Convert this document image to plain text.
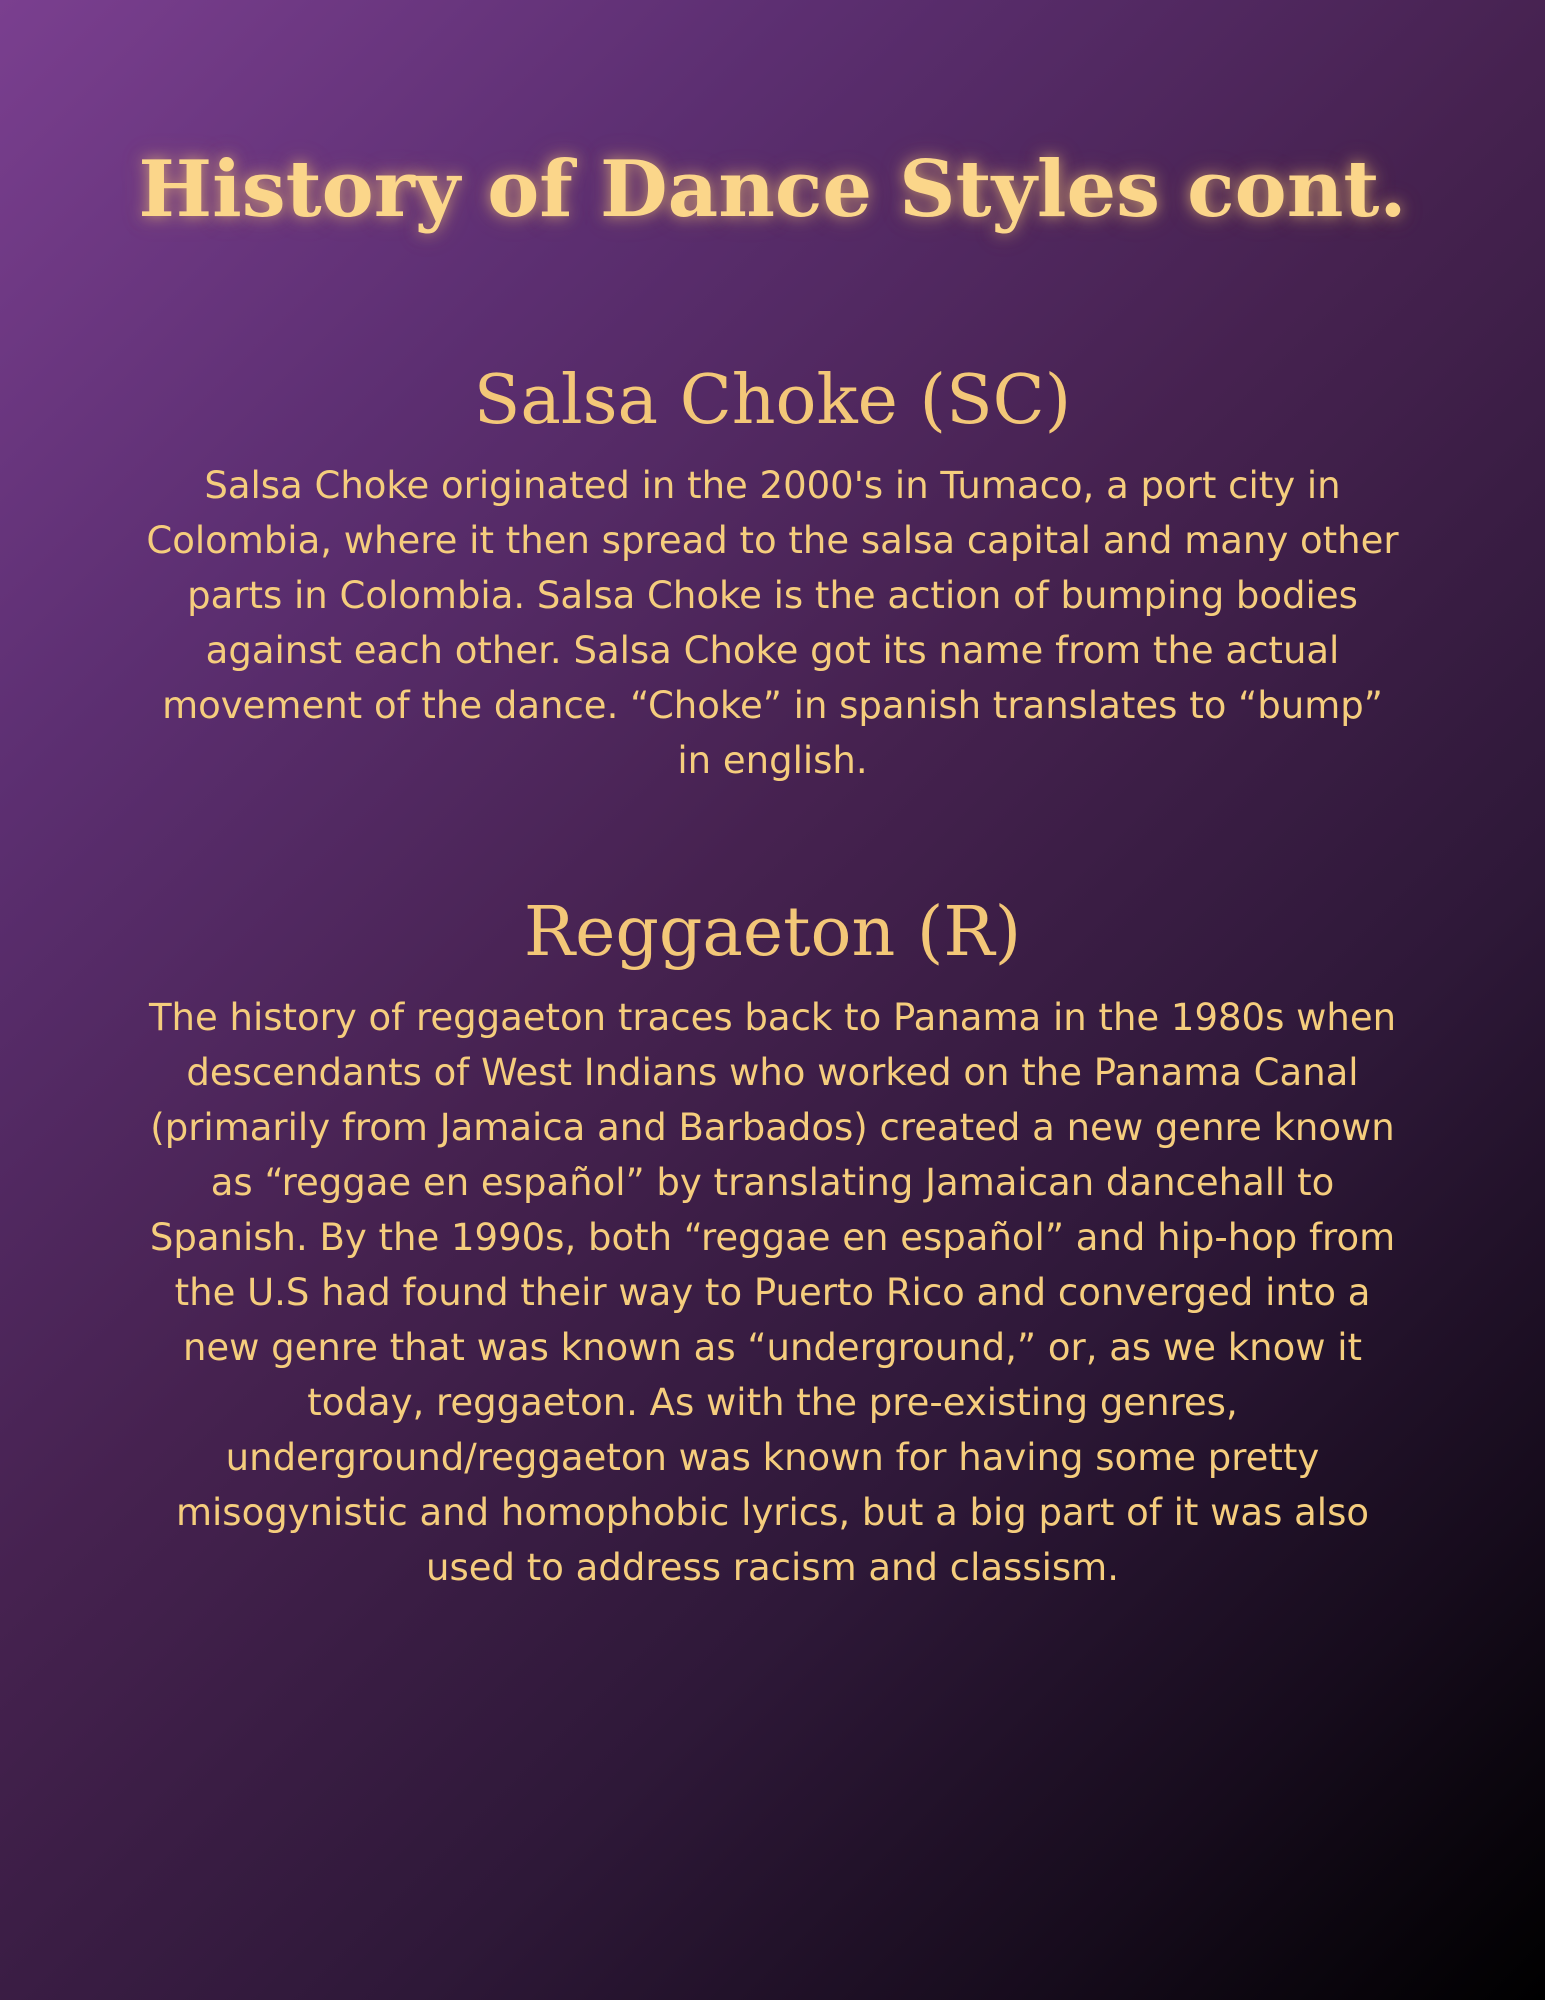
History of Dance Styles cont.
Salsa Choke (SC)

Salsa Choke originated in the 2000's in Tumaco, a port city in Colombia, where it then spread to the salsa capital and many other parts in Colombia. Salsa Choke is the action of bumping bodies against each other. Salsa Choke got its name from the actual movement of the dance. “Choke” in spanish translates to “bump” in english.

Reggaeton (R)

The history of reggaeton traces back to Panama in the 1980s when descendants of West Indians who worked on the Panama Canal (primarily from Jamaica and Barbados) created a new genre known as “reggae en español” by translating Jamaican dancehall to Spanish. By the 1990s, both “reggae en español” and hip-hop from the U.S had found their way to Puerto Rico and converged into a new genre that was known as “underground,” or, as we know it today, reggaeton. As with the pre-existing genres, underground/reggaeton was known for having some pretty misogynistic and homophobic lyrics, but a big part of it was also used to address racism and classism.
